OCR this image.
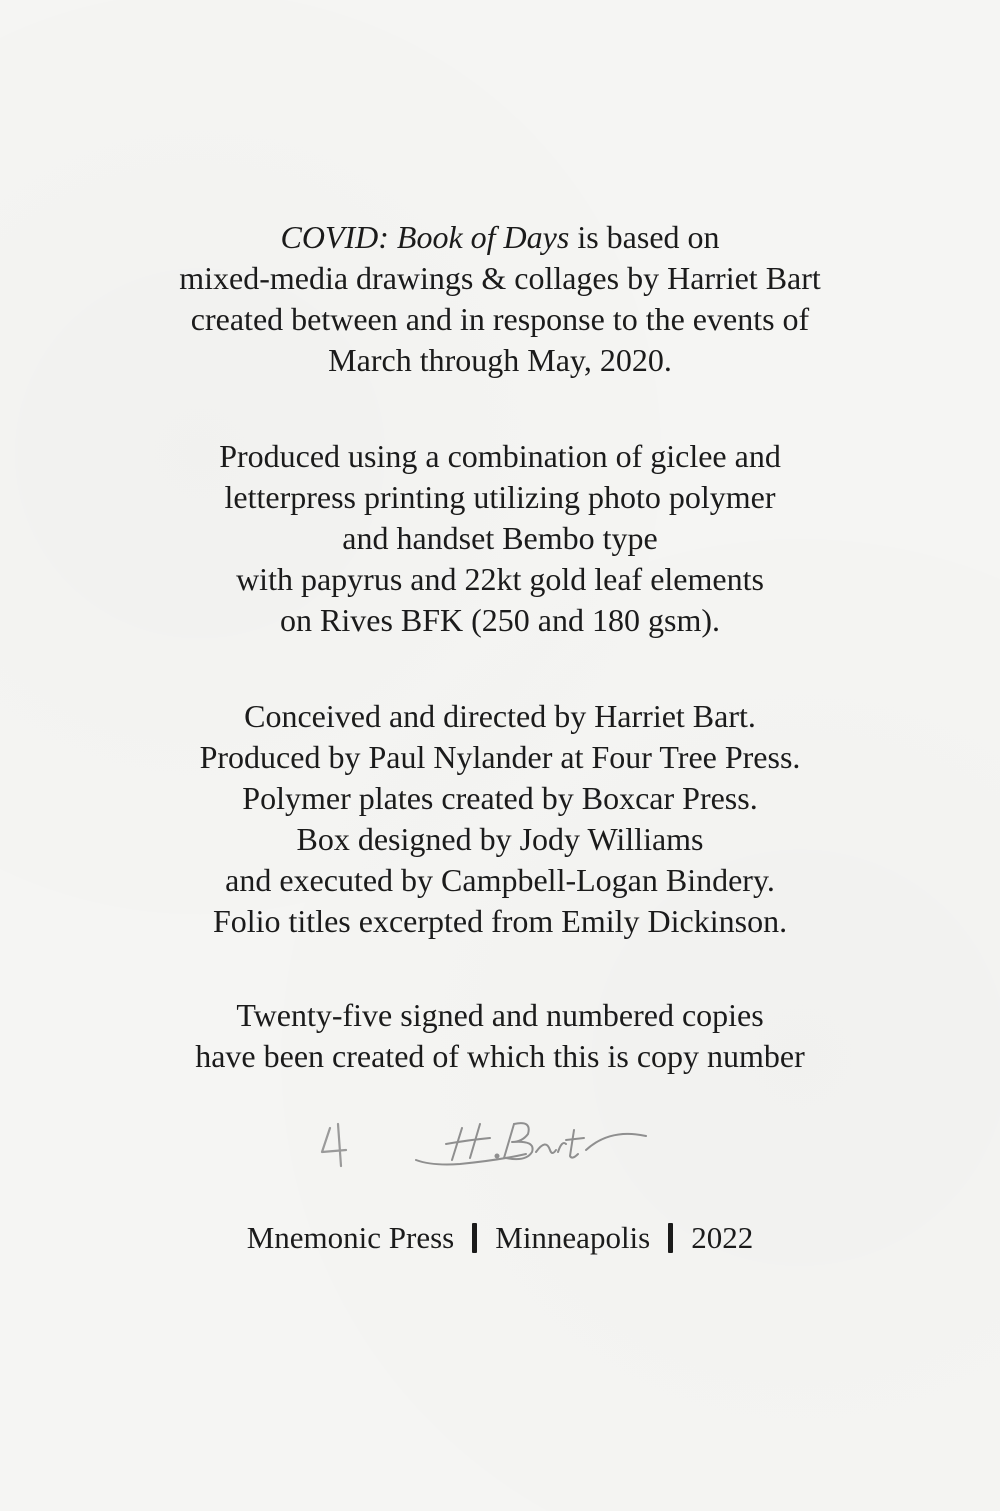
COVID: Book of Days is based on
mixed-media drawings & collages by Harriet Bart
created between and in response to the events of
March through May, 2020.
Produced using a combination of giclee and
letterpress printing utilizing photo polymer
and handset Bembo type
with papyrus and 22kt gold leaf elements
on Rives BFK (250 and 180 gsm).
Conceived and directed by Harriet Bart.
Produced by Paul Nylander at Four Tree Press.
Polymer plates created by Boxcar Press.
Box designed by Jody Williams
and executed by Campbell-Logan Bindery.
Folio titles excerpted from Emily Dickinson.
Twenty-five signed and numbered copies
have been created of which this is copy number
Mnemonic Press Minneapolis 2022
